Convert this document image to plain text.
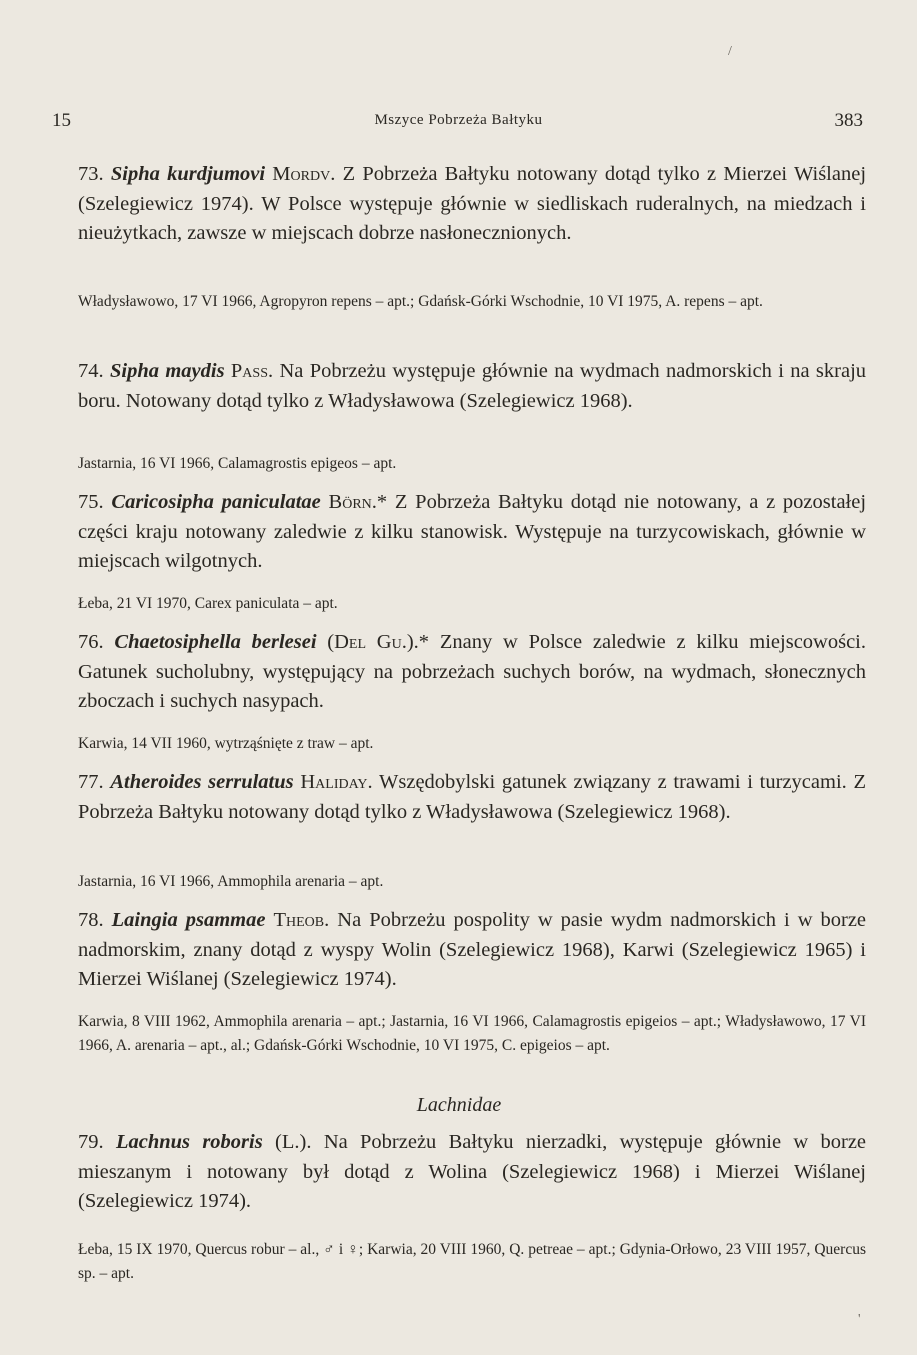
15	Mszyce Pobrzeża Bałtyku	383
73. Sipha kurdjumovi Mordv. Z Pobrzeża Bałtyku notowany dotąd tylko z Mierzei Wiślanej (Szelegiewicz 1974). W Polsce występuje głównie w siedliskach ruderalnych, na miedzach i nieużytkach, zawsze w miejscach dobrze nasłonecznionych.
Władysławowo, 17 VI 1966, Agropyron repens – apt.; Gdańsk-Górki Wschodnie, 10 VI 1975, A. repens – apt.
74. Sipha maydis Pass. Na Pobrzeżu występuje głównie na wydmach nadmorskich i na skraju boru. Notowany dotąd tylko z Władysławowa (Szelegiewicz 1968).
Jastarnia, 16 VI 1966, Calamagrostis epigeos – apt.
75. Caricosipha paniculatae Börn.* Z Pobrzeża Bałtyku dotąd nie notowany, a z pozostałej części kraju notowany zaledwie z kilku stanowisk. Występuje na turzycowiskach, głównie w miejscach wilgotnych.
Łeba, 21 VI 1970, Carex paniculata – apt.
76. Chaetosiphella berlesei (Del Gu.).* Znany w Polsce zaledwie z kilku miejscowości. Gatunek sucholubny, występujący na pobrzeżach suchych borów, na wydmach, słonecznych zboczach i suchych nasypach.
Karwia, 14 VII 1960, wytrząśnięte z traw – apt.
77. Atheroides serrulatus Haliday. Wszędobylski gatunek związany z trawami i turzycami. Z Pobrzeża Bałtyku notowany dotąd tylko z Władysławowa (Szelegiewicz 1968).
Jastarnia, 16 VI 1966, Ammophila arenaria – apt.
78. Laingia psammae Theob. Na Pobrzeżu pospolity w pasie wydm nadmorskich i w borze nadmorskim, znany dotąd z wyspy Wolin (Szelegiewicz 1968), Karwi (Szelegiewicz 1965) i Mierzei Wiślanej (Szelegiewicz 1974).
Karwia, 8 VIII 1962, Ammophila arenaria – apt.; Jastarnia, 16 VI 1966, Calamagrostis epigeios – apt.; Władysławowo, 17 VI 1966, A. arenaria – apt., al.; Gdańsk-Górki Wschodnie, 10 VI 1975, C. epigeios – apt.
Lachnidae
79. Lachnus roboris (L.). Na Pobrzeżu Bałtyku nierzadki, występuje głównie w borze mieszanym i notowany był dotąd z Wolina (Szelegiewicz 1968) i Mierzei Wiślanej (Szelegiewicz 1974).
Łeba, 15 IX 1970, Quercus robur – al., ♂ i ♀; Karwia, 20 VIII 1960, Q. petreae – apt.; Gdynia-Orłowo, 23 VIII 1957, Quercus sp. – apt.
/
'
